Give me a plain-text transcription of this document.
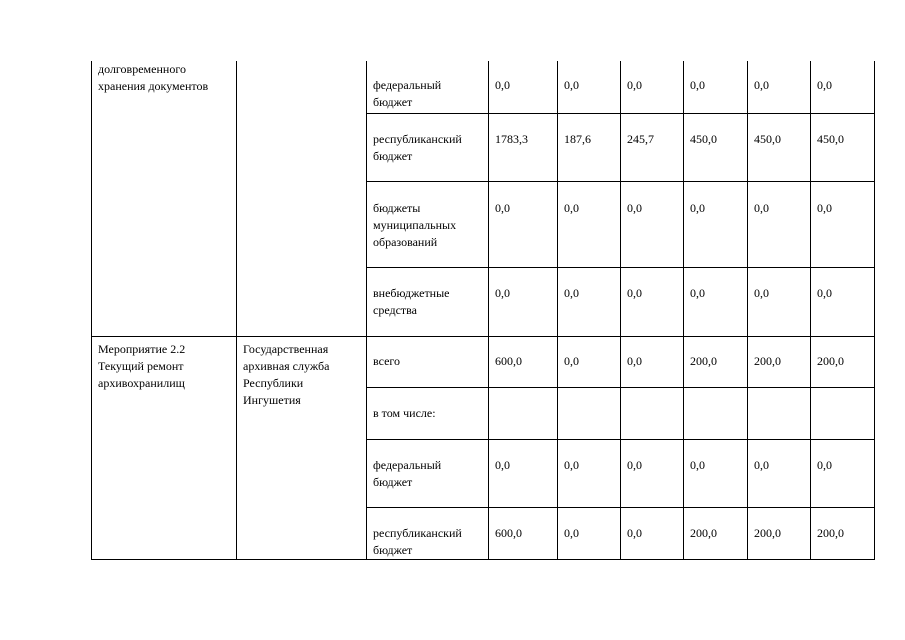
долговременного хранения документов		федеральный бюджет	0,0	0,0	0,0	0,0	0,0	0,0
		республиканский бюджет	1783,3	187,6	245,7	450,0	450,0	450,0
		бюджеты муниципальных образований	0,0	0,0	0,0	0,0	0,0	0,0
		внебюджетные средства	0,0	0,0	0,0	0,0	0,0	0,0
Мероприятие 2.2 Текущий ремонт архивохранилищ	Государственная архивная служба Республики Ингушетия	всего	600,0	0,0	0,0	200,0	200,0	200,0
		в том числе:						
		федеральный бюджет	0,0	0,0	0,0	0,0	0,0	0,0
		республиканский бюджет	600,0	0,0	0,0	200,0	200,0	200,0
